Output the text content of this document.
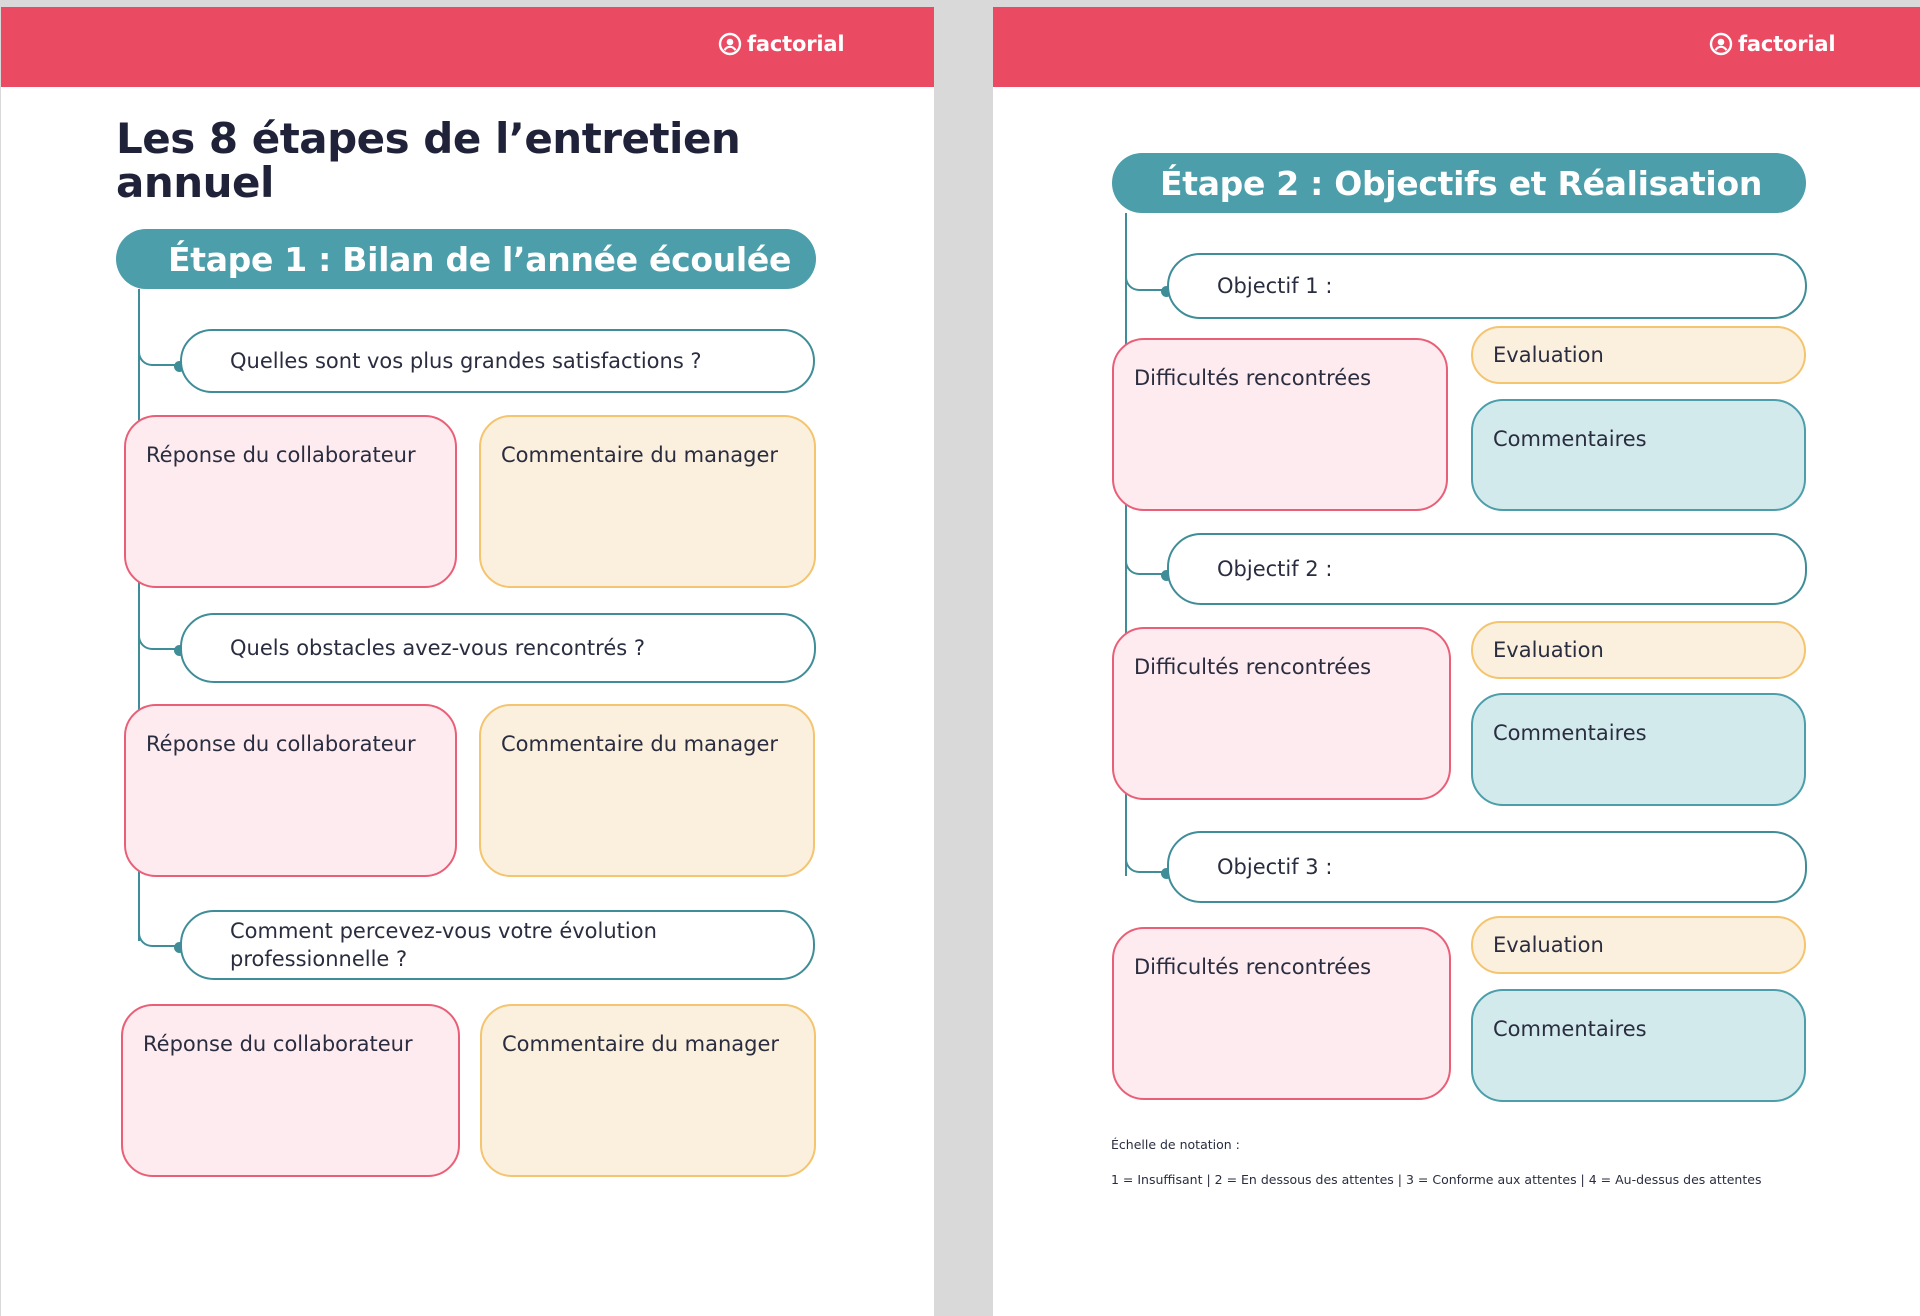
factorial
Les 8 étapes de l’entretien annuel
Étape 1 : Bilan de l’année écoulée
Quelles sont vos plus grandes satisfactions ?
Réponse du collaborateur	Commentaire du manager
Quels obstacles avez-vous rencontrés ?
Réponse du collaborateur	Commentaire du manager
Comment percevez-vous votre évolution professionnelle ?
Réponse du collaborateur	Commentaire du manager
factorial
Étape 2 : Objectifs et Réalisation
Objectif 1 :
Difficultés rencontrées
Evaluation
Commentaires
Objectif 2 :
Difficultés rencontrées
Evaluation
Commentaires
Objectif 3 :
Difficultés rencontrées
Evaluation
Commentaires
Échelle de notation :
1 = Insuffisant | 2 = En dessous des attentes | 3 = Conforme aux attentes | 4 = Au-dessus des attentes
